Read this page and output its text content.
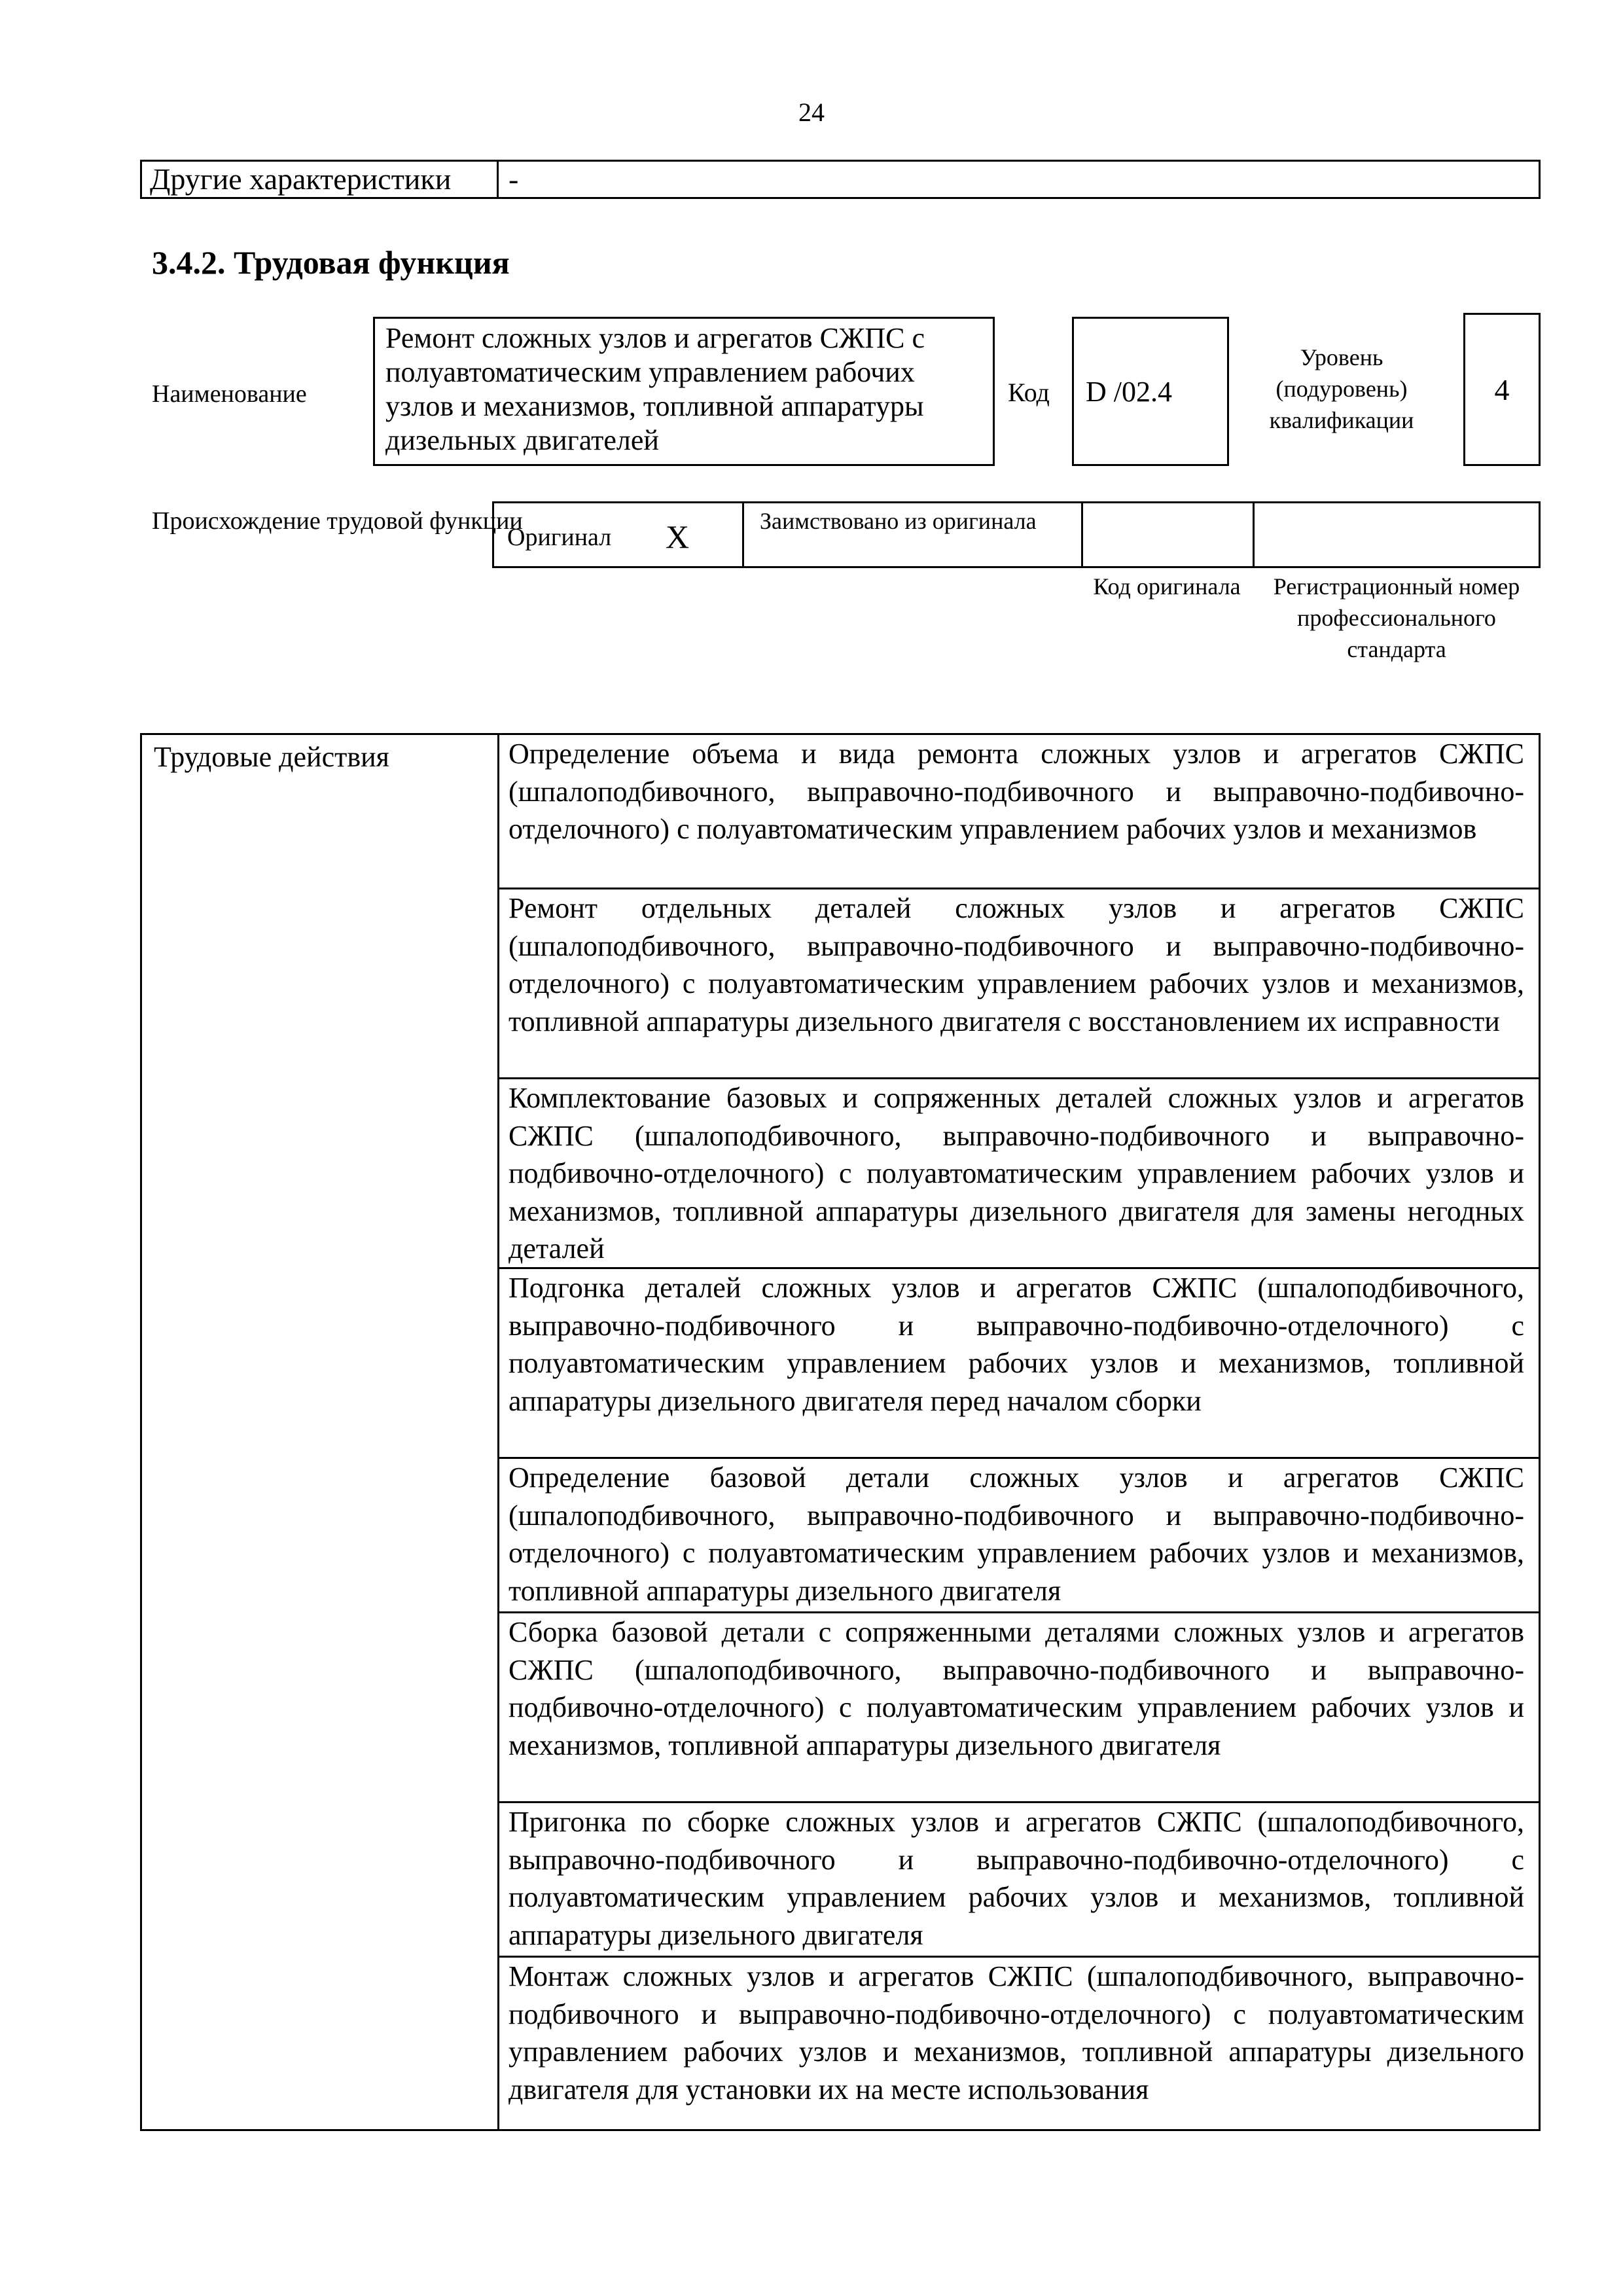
24
Другие характеристики	-
3.4.2. Трудовая функция
Наименование
Ремонт сложных узлов и агрегатов СЖПС с полуавтоматическим управлением рабочих узлов и механизмов, топливной аппаратуры дизельных двигателей
Код	D /02.4
Уровень (подуровень) квалификации
4
Происхождение трудовой функции
Оригинал X	Заимствовано из оригинала
Код оригинала	Регистрационный номер профессионального стандарта
Трудовые действия	Определение объема и вида ремонта сложных узлов и агрегатов СЖПС (шпалоподбивочного, выправочно-подбивочного и выправочно-подбивочно-отделочного) с полуавтоматическим управлением рабочих узлов и механизмов
Ремонт отдельных деталей сложных узлов и агрегатов СЖПС (шпалоподбивочного, выправочно-подбивочного и выправочно-подбивочно-отделочного) с полуавтоматическим управлением рабочих узлов и механизмов, топливной аппаратуры дизельного двигателя с восстановлением их исправности
Комплектование базовых и сопряженных деталей сложных узлов и агрегатов СЖПС (шпалоподбивочного, выправочно-подбивочного и выправочно-подбивочно-отделочного) с полуавтоматическим управлением рабочих узлов и механизмов, топливной аппаратуры дизельного двигателя для замены негодных деталей
Подгонка деталей сложных узлов и агрегатов СЖПС (шпалоподбивочного, выправочно-подбивочного и выправочно-подбивочно-отделочного) с полуавтоматическим управлением рабочих узлов и механизмов, топливной аппаратуры дизельного двигателя перед началом сборки
Определение базовой детали сложных узлов и агрегатов СЖПС (шпалоподбивочного, выправочно-подбивочного и выправочно-подбивочно-отделочного) с полуавтоматическим управлением рабочих узлов и механизмов, топливной аппаратуры дизельного двигателя
Сборка базовой детали с сопряженными деталями сложных узлов и агрегатов СЖПС (шпалоподбивочного, выправочно-подбивочного и выправочно-подбивочно-отделочного) с полуавтоматическим управлением рабочих узлов и механизмов, топливной аппаратуры дизельного двигателя
Пригонка по сборке сложных узлов и агрегатов СЖПС (шпалоподбивочного, выправочно-подбивочного и выправочно-подбивочно-отделочного) с полуавтоматическим управлением рабочих узлов и механизмов, топливной аппаратуры дизельного двигателя
Монтаж сложных узлов и агрегатов СЖПС (шпалоподбивочного, выправочно-подбивочного и выправочно-подбивочно-отделочного) с полуавтоматическим управлением рабочих узлов и механизмов, топливной аппаратуры дизельного двигателя для установки их на месте использования
